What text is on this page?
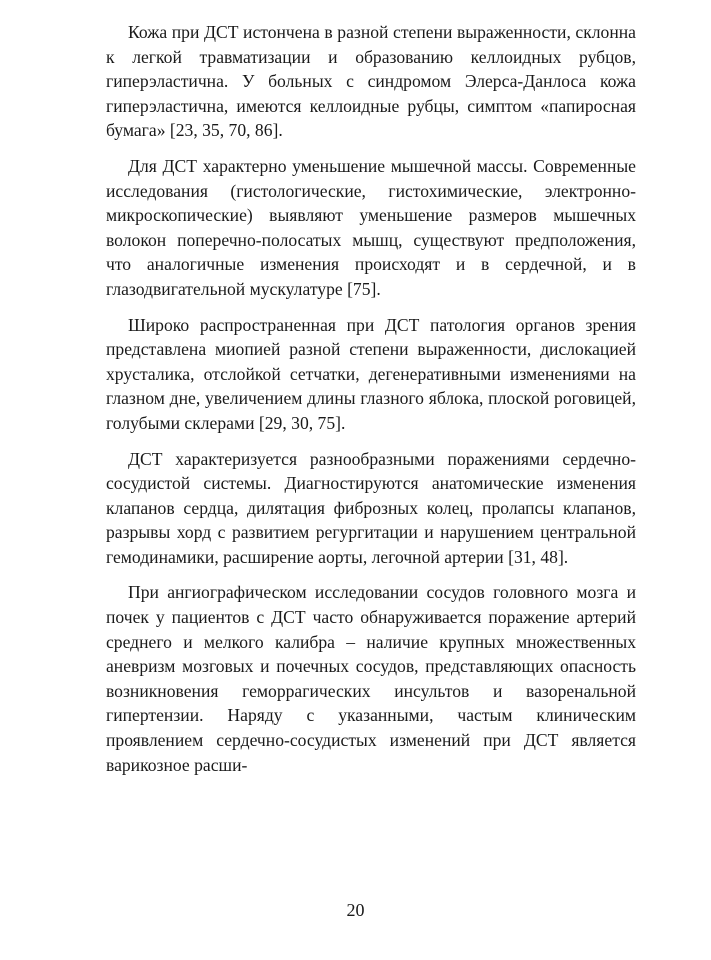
Кожа при ДСТ истончена в разной степени выраженности, склонна к легкой травматизации и образованию келлоидных рубцов, гиперэластична. У больных с синдромом Элерса-Данлоса кожа гиперэластична, имеются келлоидные рубцы, симптом «папиросная бумага» [23, 35, 70, 86].

Для ДСТ характерно уменьшение мышечной массы. Современные исследования (гистологические, гистохимические, электронно-микроскопические) выявляют уменьшение размеров мышечных волокон поперечно-полосатых мышц, существуют предположения, что аналогичные изменения происходят и в сердечной, и в глазодвигательной мускулатуре [75].

Широко распространенная при ДСТ патология органов зрения представлена миопией разной степени выраженности, дислокацией хрусталика, отслойкой сетчатки, дегенеративными изменениями на глазном дне, увеличением длины глазного яблока, плоской роговицей, голубыми склерами [29, 30, 75].

ДСТ характеризуется разнообразными поражениями сердечно-сосудистой системы. Диагностируются анатомические изменения клапанов сердца, дилятация фиброзных колец, пролапсы клапанов, разрывы хорд с развитием регургитации и нарушением центральной гемодинамики, расширение аорты, легочной артерии [31, 48].

При ангиографическом исследовании сосудов головного мозга и почек у пациентов с ДСТ часто обнаруживается поражение артерий среднего и мелкого калибра – наличие крупных множественных аневризм мозговых и почечных сосудов, представляющих опасность возникновения геморрагических инсультов и вазоренальной гипертензии. Наряду с указанными, частым клиническим проявлением сердечно-сосудистых изменений при ДСТ является варикозное расши-

20
